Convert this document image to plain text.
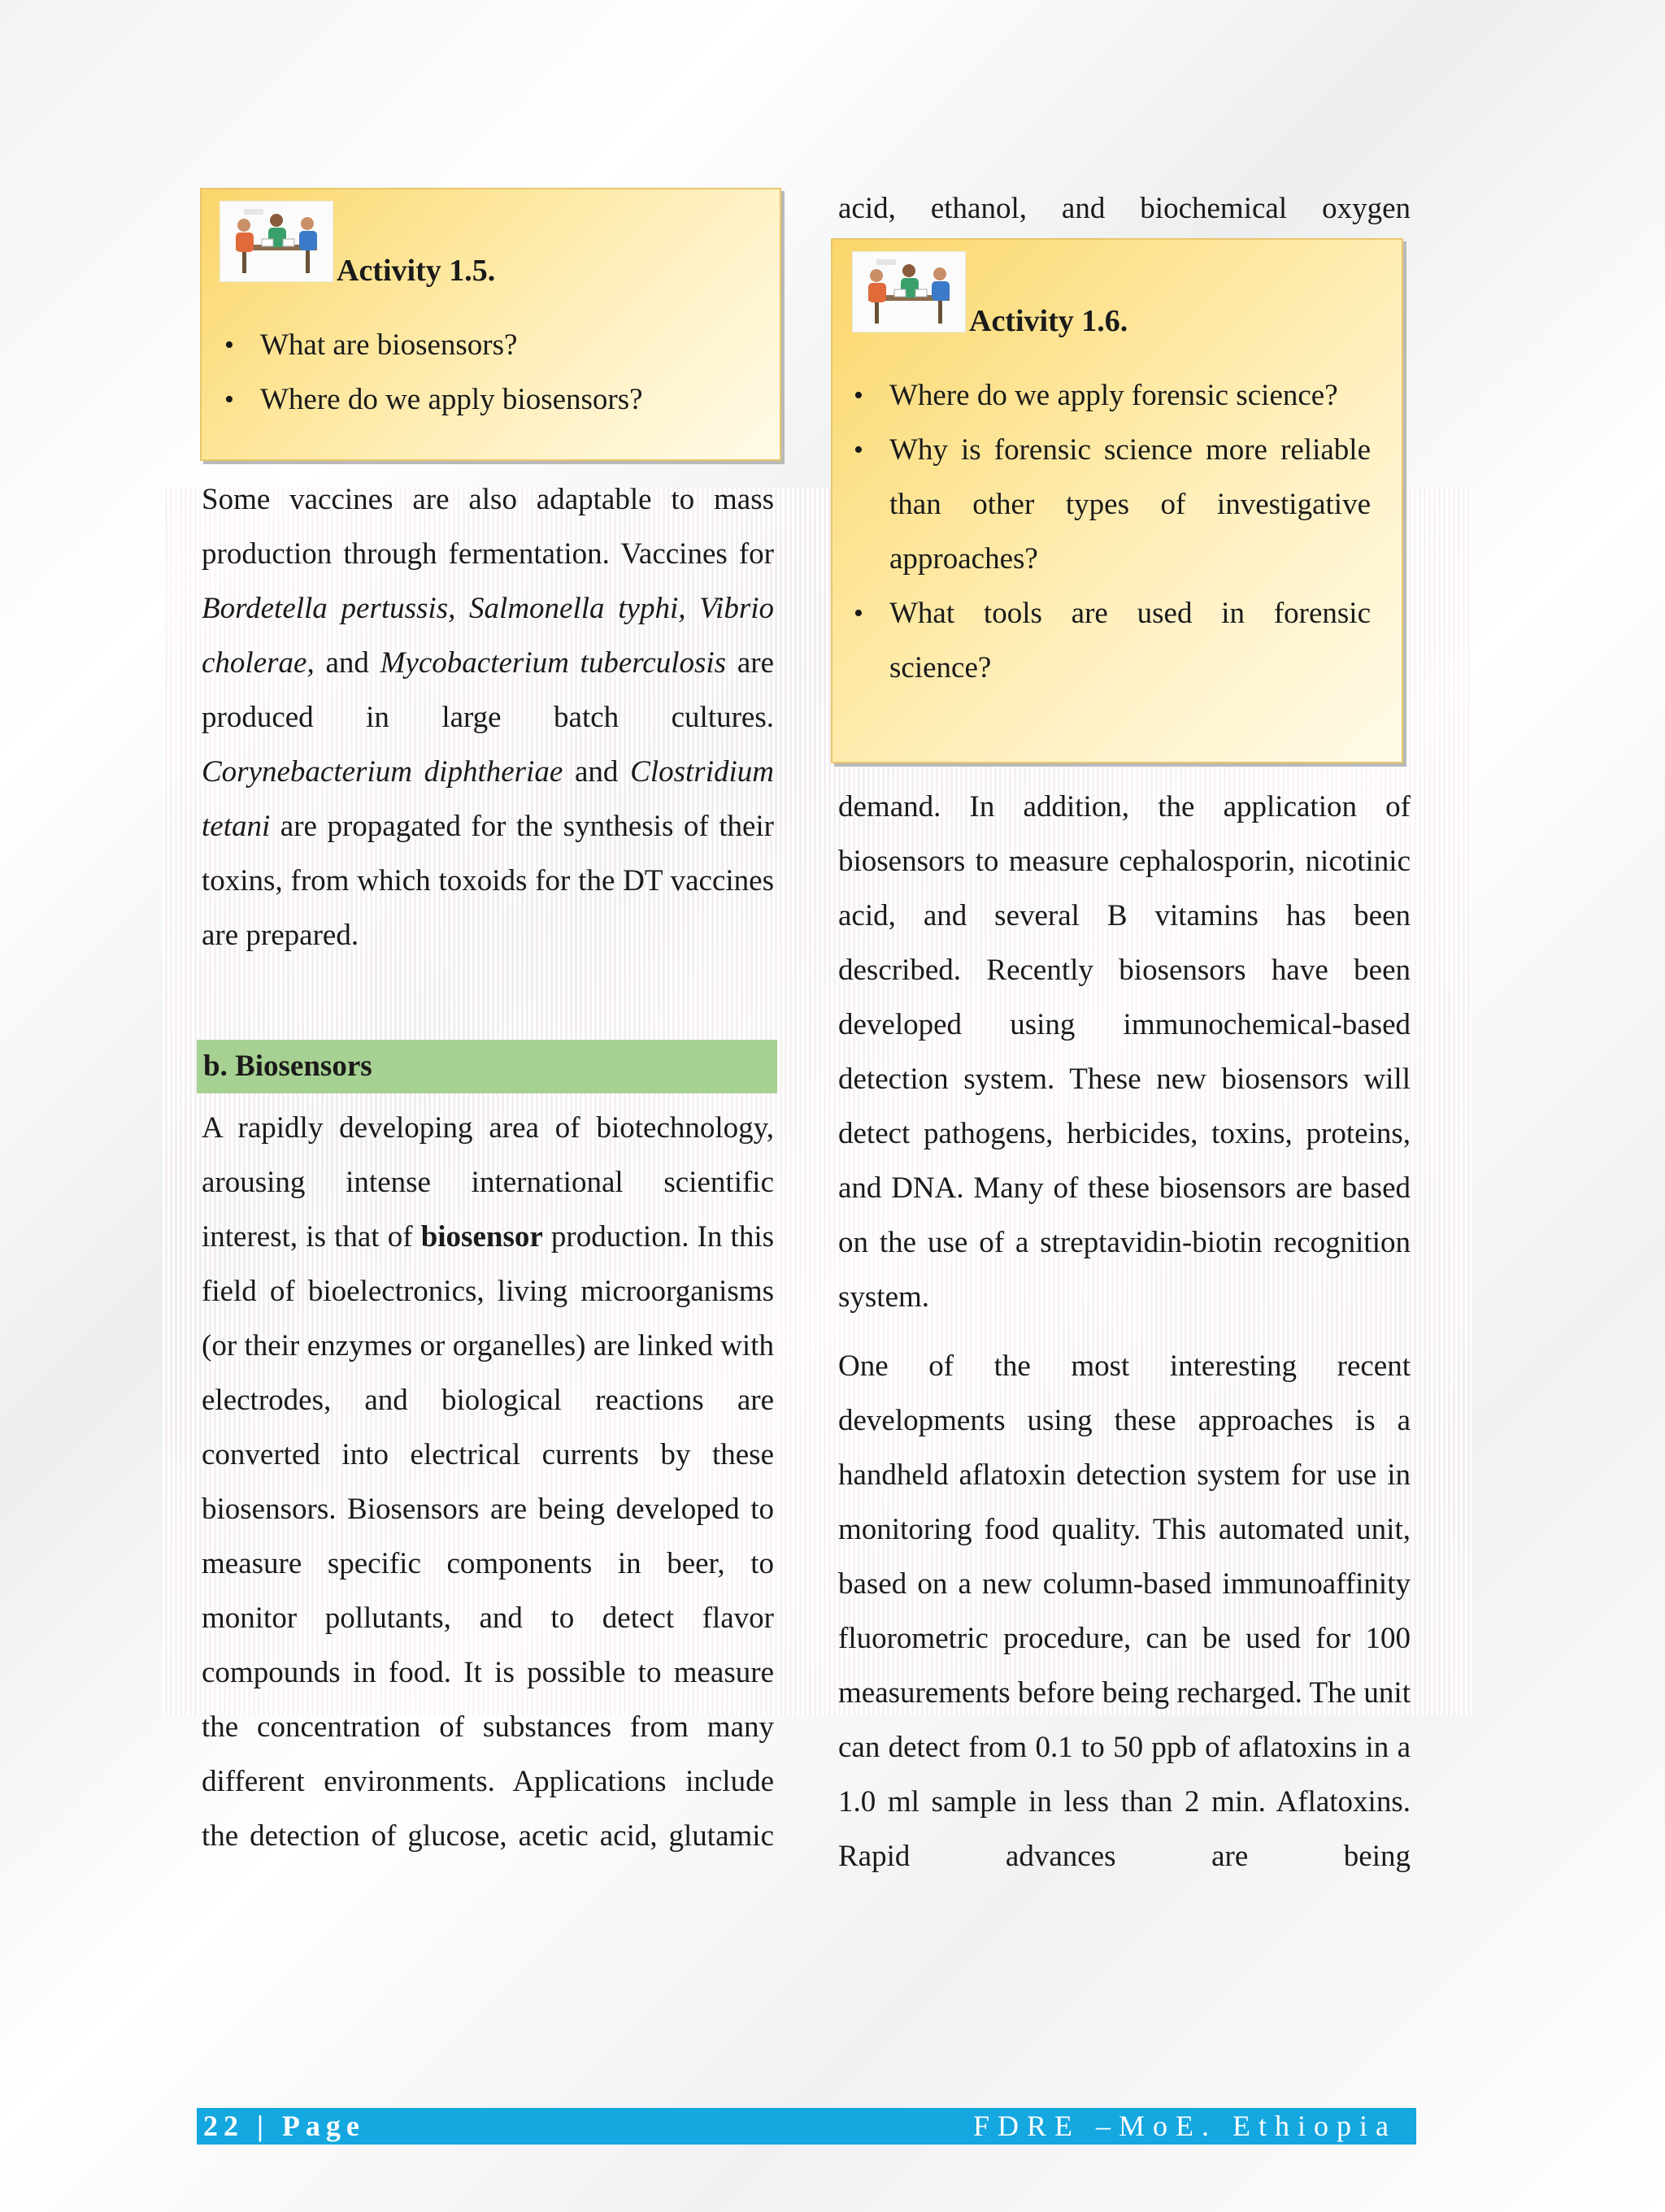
Activity 1.5.
• What are biosensors?
• Where do we apply biosensors?

Some vaccines are also adaptable to mass production through fermentation. Vaccines for Bordetella pertussis, Salmonella typhi, Vibrio cholerae, and Mycobacterium tuberculosis are produced in large batch cultures. Corynebacterium diphtheriae and Clostridium tetani are propagated for the synthesis of their toxins, from which toxoids for the DT vaccines are prepared.

b. Biosensors

A rapidly developing area of biotechnology, arousing intense international scientific interest, is that of biosensor production. In this field of bioelectronics, living microorganisms (or their enzymes or organelles) are linked with electrodes, and biological reactions are converted into electrical currents by these biosensors. Biosensors are being developed to measure specific components in beer, to monitor pollutants, and to detect flavor compounds in food. It is possible to measure the concentration of substances from many different environments. Applications include the detection of glucose, acetic acid, glutamic

acid, ethanol, and biochemical oxygen

Activity 1.6.
• Where do we apply forensic science?
• Why is forensic science more reliable than other types of investigative approaches?
• What tools are used in forensic science?

demand. In addition, the application of biosensors to measure cephalosporin, nicotinic acid, and several B vitamins has been described. Recently biosensors have been developed using immunochemical-based detection system. These new biosensors will detect pathogens, herbicides, toxins, proteins, and DNA. Many of these biosensors are based on the use of a streptavidin-biotin recognition system.

One of the most interesting recent developments using these approaches is a handheld aflatoxin detection system for use in monitoring food quality. This automated unit, based on a new column-based immunoaffinity fluorometric procedure, can be used for 100 measurements before being recharged. The unit can detect from 0.1 to 50 ppb of aflatoxins in a 1.0 ml sample in less than 2 min. Aflatoxins. Rapid advances are being

22 | Page	FDRE –MoE. Ethiopia
